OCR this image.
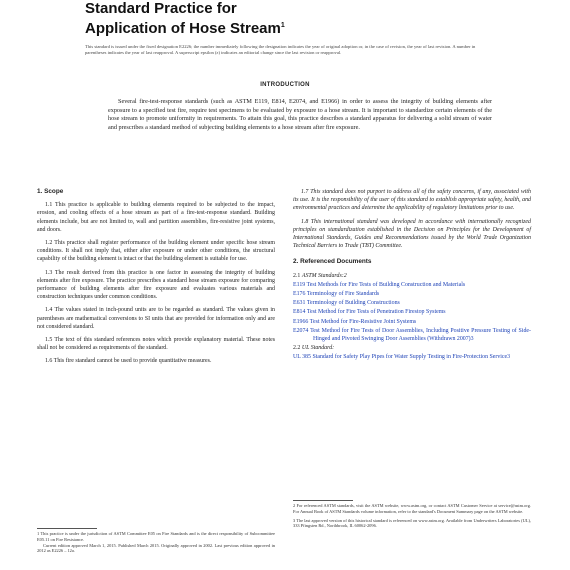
Standard Practice for
Application of Hose Stream$^1$
This standard is issued under the fixed designation E2226; the number immediately following the designation indicates the year of original adoption or, in the case of revision, the year of last revision. A number in parentheses indicates the year of last reapproval. A superscript epsilon (ε) indicates an editorial change since the last revision or reapproval.
INTRODUCTION
Several fire-test-response standards (such as ASTM E119, E814, E2074, and E1966) in order to assess the integrity of building elements after exposure to a specified test fire, require test specimens to be evaluated by exposure to a hose stream. It is important to standardize certain elements of the hose stream to promote uniformity in requirements. To attain this goal, this practice describes a standard apparatus for delivering a solid stream of water and prescribes a standard method of subjecting building elements to a hose stream after fire exposure.
1. Scope

1.1 This practice is applicable to building elements required to be subjected to the impact, erosion, and cooling effects of a hose stream as part of a fire-test-response standard. Building elements include, but are not limited to, wall and partition assemblies, fire-resistive joint systems, and doors.

1.2 This practice shall register performance of the building element under specific hose stream conditions. It shall not imply that, either after exposure or under other conditions, the structural capability of the building element is intact or that the building element is suitable for use.

1.3 The result derived from this practice is one factor in assessing the integrity of building elements after fire exposure. The practice prescribes a standard hose stream exposure for comparing performance of building elements after fire exposure and evaluates various materials and construction techniques under common conditions.

1.4 The values stated in inch-pound units are to be regarded as standard. The values given in parentheses are mathematical conversions to SI units that are provided for information only and are not considered standard.

1.5 The text of this standard references notes which provide explanatory material. These notes shall not be considered as requirements of the standard.

1.6 This fire standard cannot be used to provide quantitative measures.

1.7 This standard does not purport to address all of the safety concerns, if any, associated with its use. It is the responsibility of the user of this standard to establish appropriate safety, health, and environmental practices and determine the applicability of regulatory limitations prior to use.

1.8 This international standard was developed in accordance with internationally recognized principles on standardization established in the Decision on Principles for the Development of International Standards, Guides and Recommendations issued by the World Trade Organization Technical Barriers to Trade (TBT) Committee.

2. Referenced Documents
2.1 ASTM Standards:2
E119 Test Methods for Fire Tests of Building Construction and Materials
E176 Terminology of Fire Standards
E631 Terminology of Building Constructions
E814 Test Method for Fire Tests of Penetration Firestop Systems
E1966 Test Method for Fire-Resistive Joint Systems
E2074 Test Method for Fire Tests of Door Assemblies, Including Positive Pressure Testing of Side-Hinged and Pivoted Swinging Door Assemblies (Withdrawn 2007)3
2.2 UL Standard:
UL 385 Standard for Safety Play Pipes for Water Supply Testing in Fire-Protection Service3
1 This practice is under the jurisdiction of ASTM Committee E05 on Fire Standards and is the direct responsibility of Subcommittee E05.11 on Fire Resistance.
Current edition approved March 1, 2015. Published March 2015. Originally approved in 2002. Last previous edition approved in 2012 as E2226 – 12a.
2 For referenced ASTM standards, visit the ASTM website, www.astm.org, or contact ASTM Customer Service at service@astm.org. For Annual Book of ASTM Standards volume information, refer to the standard's Document Summary page on the ASTM website.
3 The last approved version of this historical standard is referenced on www.astm.org. Available from Underwriters Laboratories (UL), 333 Pfingsten Rd., Northbrook, IL 60062-2096.
